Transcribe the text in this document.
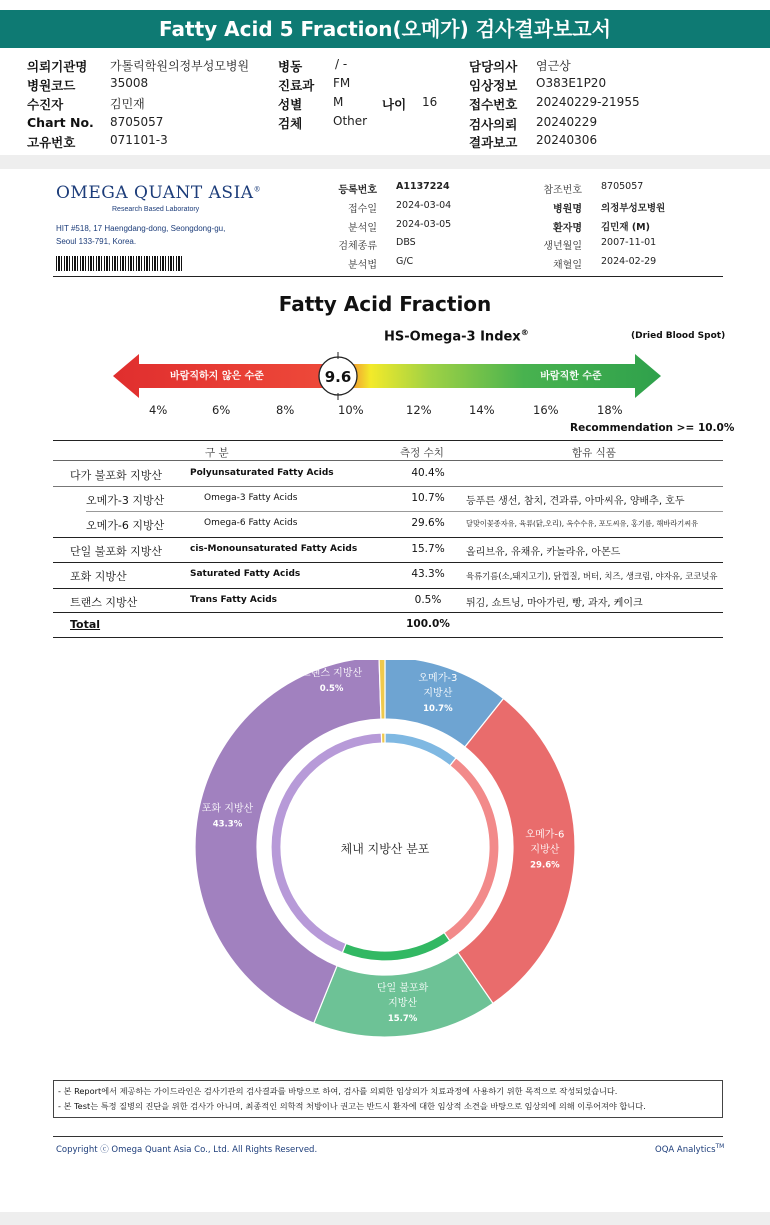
Fatty Acid 5 Fraction(오메가) 검사결과보고서
의뢰기관명 가톨릭학원의정부성모병원
병원코드	35008
수진자	김민재
Chart No. 8705057
고유번호	071101-3
병동	/ -
진료과 FM
성별	M
검체	Other
나이 16
담당의사 염근상
임상정보 O383E1P20
접수번호 20240229-21955
검사의뢰 20240229
결과보고 20240306
OMEGA QUANT ASIA®
Research Based Laboratory
HIT #518, 17 Haengdang-dong, Seongdong-gu,
Seoul 133-791, Korea.
등록번호 A1137224
접수일 2024-03-04
분석일 2024-03-05
검체종류 DBS
분석법 G/C
참조번호 8705057
병원명 의정부성모병원
환자명 김민재 (M)
생년월일 2007-11-01
채혈일 2024-02-29
Fatty Acid Fraction
HS-Omega-3 Index®	(Dried Blood Spot)
바람직하지 않은 수준	바람직한 수준
9.6
4%	6%	8%	10%	12%	14%	16%	18%
Recommendation >= 10.0%
구 분	측정 수치	함유 식품
다가 불포화 지방산	Polyunsaturated Fatty Acids	40.4%
오메가-3 지방산	Omega-3 Fatty Acids	10.7%	등푸른 생선, 참치, 견과류, 아마씨유, 양배추, 호두
오메가-6 지방산	Omega-6 Fatty Acids	29.6%	달맞이꽃종자유, 육류(닭,오리), 옥수수유, 포도씨유, 홍기름, 해바라기씨유
단일 불포화 지방산	cis-Monounsaturated Fatty Acids	15.7%	올리브유, 유채유, 카놀라유, 아몬드
포화 지방산	Saturated Fatty Acids	43.3%	육류기름(소,돼지고기), 닭껍질, 버터, 치즈, 생크림, 야자유, 코코넛유
트랜스 지방산	Trans Fatty Acids	0.5%	튀김, 쇼트닝, 마아가린, 빵, 과자, 케이크
Total	100.0%
오메가-3 지방산 10.7%
오메가-6 지방산 29.6%
단일 불포화 지방산 15.7%
포화 지방산 43.3%
트랜스 지방산 0.5%
체내 지방산 분포
- 본 Report에서 제공하는 가이드라인은 검사기관의 검사결과를 바탕으로 하여, 검사를 의뢰한 임상의가 치료과정에 사용하기 위한 목적으로 작성되었습니다.
- 본 Test는 특정 질병의 진단을 위한 검사가 아니며, 최종적인 의학적 처방이나 권고는 반드시 환자에 대한 임상적 소견을 바탕으로 임상의에 의해 이루어져야 합니다.
Copyright ⓒ Omega Quant Asia Co., Ltd. All Rights Reserved.	OQA Analytics™
